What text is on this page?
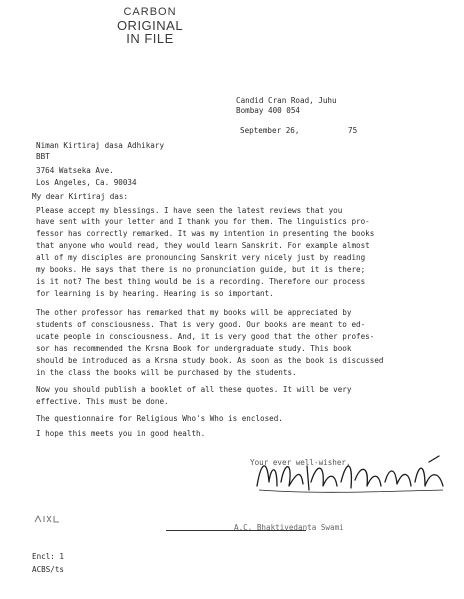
CARBON
ORIGINAL
IN FILE
Candid Cran Road, Juhu
Bombay 400 054
September 26,	75
Niman Kirtiraj dasa Adhikary
BBT
3764 Watseka Ave.
Los Angeles, Ca. 90034
My dear Kirtiraj das:
Please accept my blessings. I have seen the latest reviews that you
have sent with your letter and I thank you for them. The linguistics pro-
fessor has correctly remarked. It was my intention in presenting the books
that anyone who would read, they would learn Sanskrit. For example almost
all of my disciples are pronouncing Sanskrit very nicely just by reading
my books. He says that there is no pronunciation guide, but it is there;
is it not? The best thing would be is a recording. Therefore our process
for learning is by hearing. Hearing is so important.
The other professor has remarked that my books will be appreciated by
students of consciousness. That is very good. Our books are meant to ed-
ucate people in consciousness. And, it is very good that the other profes-
sor has recommended the Krsna Book for undergraduate study. This book
should be introduced as a Krsna study book. As soon as the book is discussed
in the class the books will be purchased by the students.
Now you should publish a booklet of all these quotes. It will be very
effective. This must be done.
The questionnaire for Religious Who's Who is enclosed.
I hope this meets you in good health.
Your ever well-wisher,
A.C. Bhaktivedanta Swami
Encl: 1
ACBS/ts
